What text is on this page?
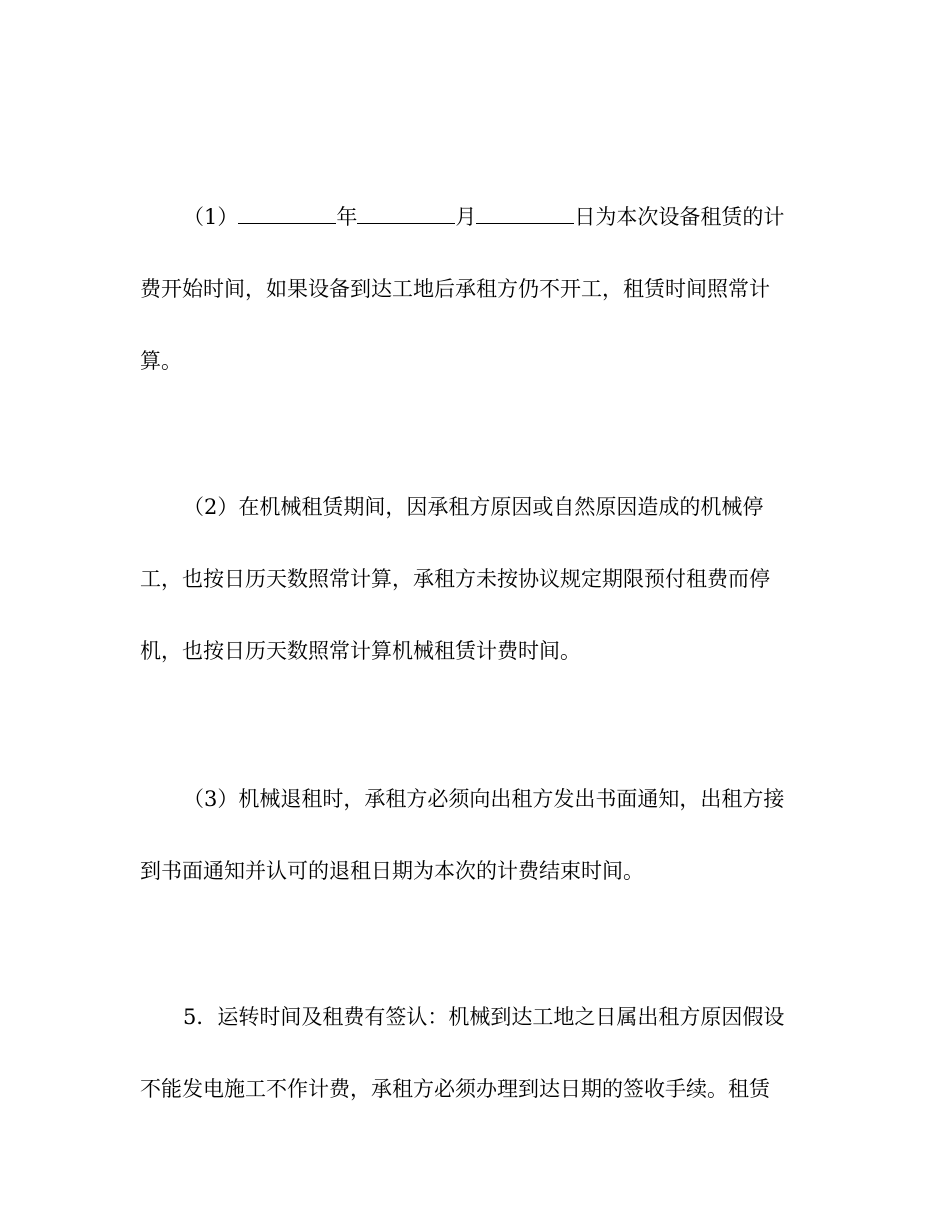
（1）	年	月	日为本次设备租赁的计
费开始时间，如果设备到达工地后承租方仍不开工，租赁时间照常计
算。
（2）在机械租赁期间，因承租方原因或自然原因造成的机械停
工，也按日历天数照常计算，承租方未按协议规定期限预付租费而停
机，也按日历天数照常计算机械租赁计费时间。
（3）机械退租时，承租方必须向出租方发出书面通知，出租方接
到书面通知并认可的退租日期为本次的计费结束时间。
5．运转时间及租费有签认：机械到达工地之日属出租方原因假设
不能发电施工不作计费，承租方必须办理到达日期的签收手续。租赁
